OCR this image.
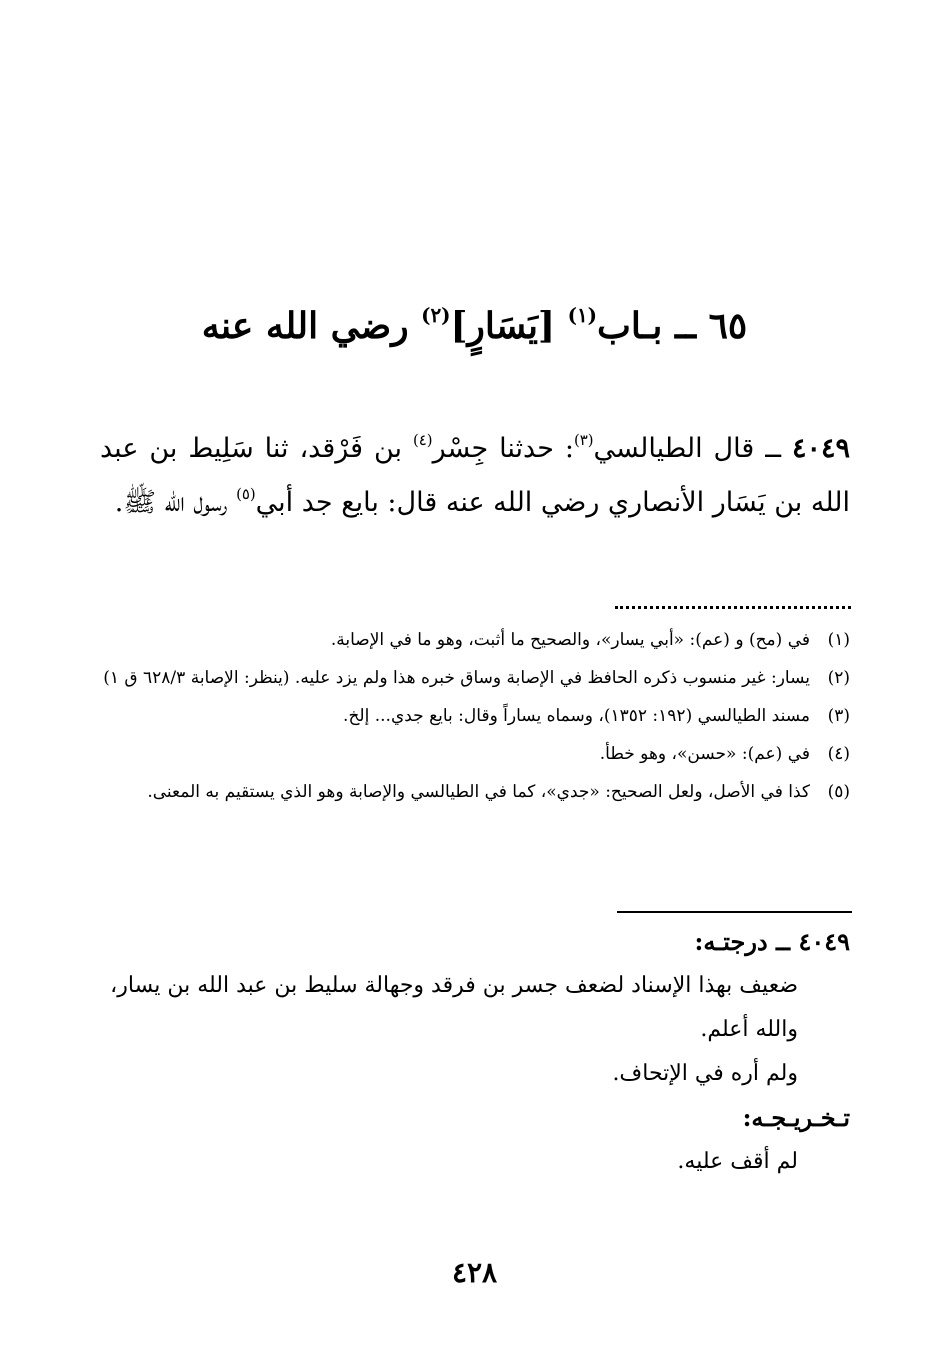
٦٥ ــ بـاب$^{(١)}$ [يَسَارٍ]$^{(٢)}$ رضي الله عنه
٤٠٤٩ ــ قال الطيالسي$^{(٣)}$: حدثنا جِسْر$^{(٤)}$ بن فَرْقد، ثنا سَلِيط بن عبد الله بن يَسَار الأنصاري رضي الله عنه قال: بايع جد أبي$^{(٥)}$ رسول الله ﷺ.
(١)
في (مح) و (عم): «أبي يسار»، والصحيح ما أثبت، وهو ما في الإصابة.
(٢)
يسار: غير منسوب ذكره الحافظ في الإصابة وساق خبره هذا ولم يزد عليه. (ينظر: الإصابة ٦٢٨/٣ ق ١)
(٣)
مسند الطيالسي (١٩٢: ١٣٥٢)، وسماه يساراً وقال: بايع جدي... إلخ.
(٤)
في (عم): «حسن»، وهو خطأ.
(٥)
كذا في الأصل، ولعل الصحيح: «جدي»، كما في الطيالسي والإصابة وهو الذي يستقيم به المعنى.
٤٠٤٩ ــ درجتـه:
ضعيف بهذا الإسناد لضعف جسر بن فرقد وجهالة سليط بن عبد الله بن يسار، والله أعلم.
ولم أره في الإتحاف.
تـخـريـجـه:
لم أقف عليه.
٤٢٨
